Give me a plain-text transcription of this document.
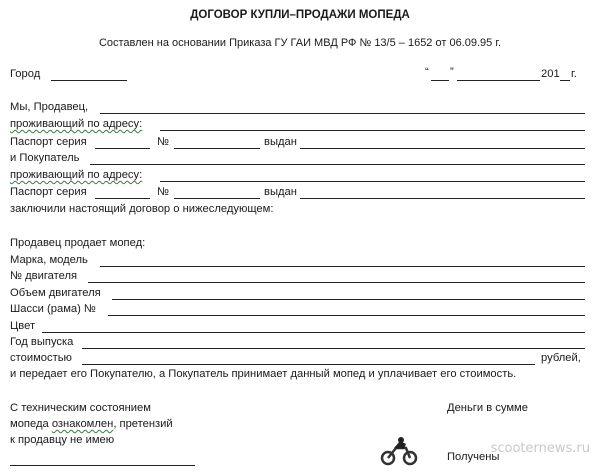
ДОГОВОР КУПЛИ–ПРОДАЖИ МОПЕДА
Составлен на основании Приказа ГУ ГАИ МВД РФ № 13/5 – 1652 от 06.09.95 г.
Город	“ ”	201 г.
Мы, Продавец,
проживающий по адресу:
Паспорт серия	№	выдан
и Покупатель
проживающий по адресу:
Паспорт серия	№	выдан
заключили настоящий договор о нижеследующем:
Продавец продает мопед:
Марка, модель
№ двигателя
Объем двигателя
Шасси (рама) №
Цвет
Год выпуска
стоимостью	рублей,
и передает его Покупателю, а Покупатель принимает данный мопед и уплачивает его стоимость.
С техническим состоянием
мопеда ознакомлен, претензий
к продавцу не имею
Деньги в сумме
Получены
scooternews.ru
